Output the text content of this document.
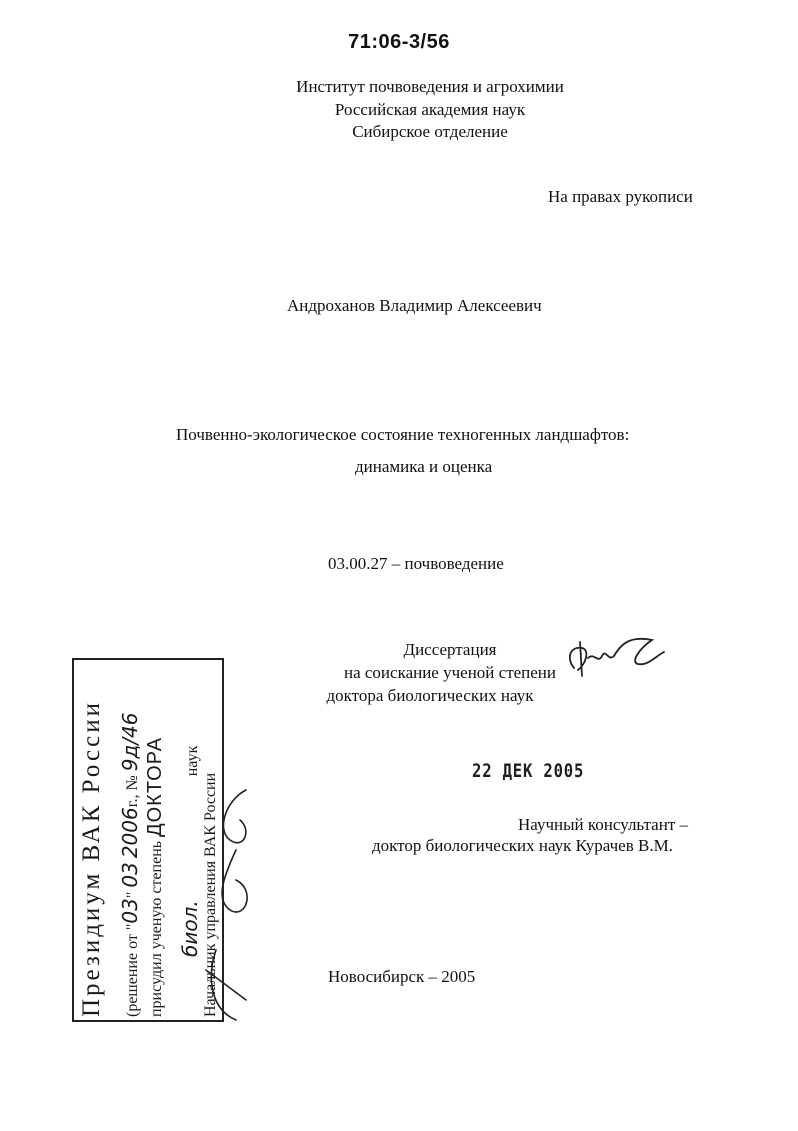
71:06-3/56
Институт почвоведения и агрохимии
Российская академия наук
Сибирское отделение
На правах рукописи
Андроханов Владимир Алексеевич
Почвенно-экологическое состояние техногенных ландшафтов:
динамика и оценка
03.00.27 – почвоведение
Диссертация
на соискание ученой степени
доктора биологических наук
22 ДЕК 2005
Научный консультант –
доктор биологических наук Курачев В.М.
Новосибирск – 2005
Президиум ВАК России	(решение от "03" 03 2006г., № 9д/46
присудил ученую степень ДОКТОРА
биол. наук
Начальник управления ВАК России
